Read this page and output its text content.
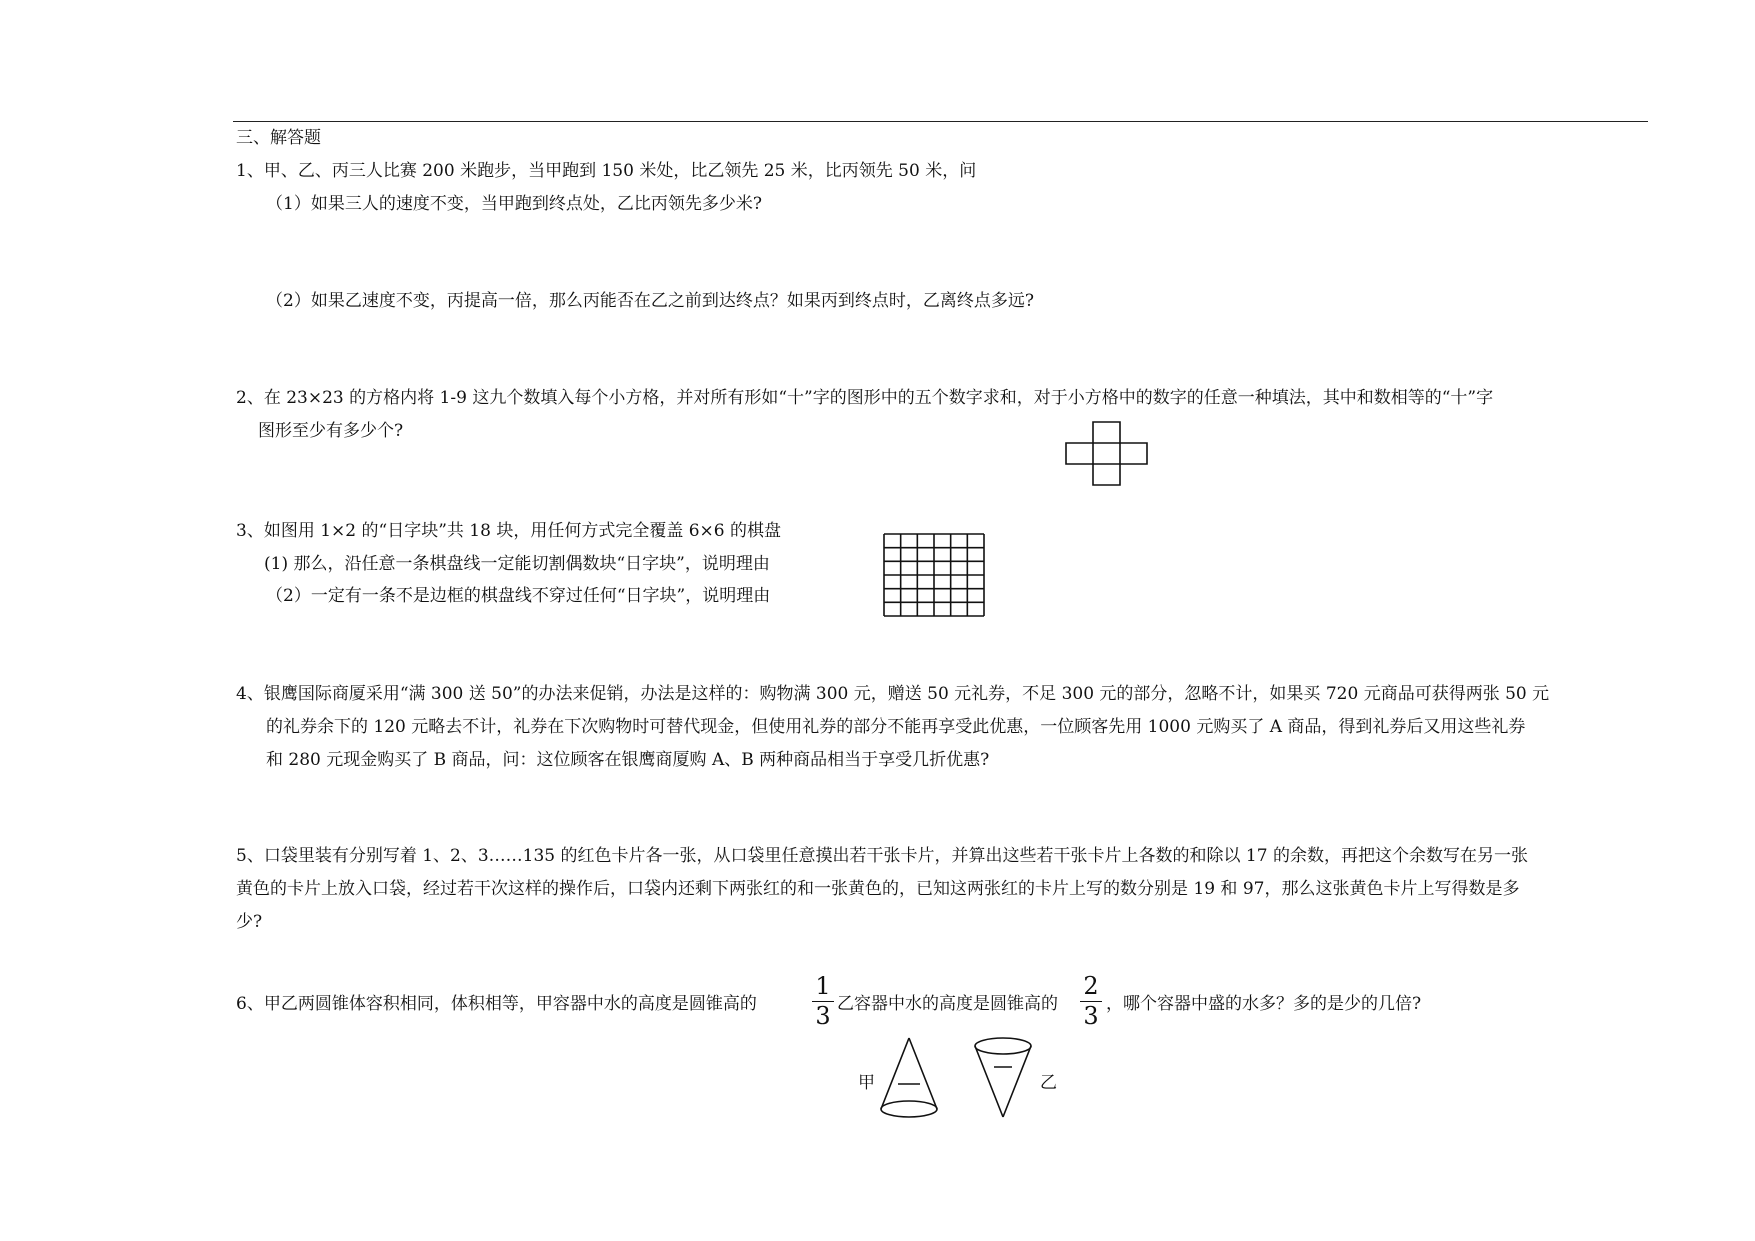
三、解答题
1、甲、乙、丙三人比赛 200 米跑步，当甲跑到 150 米处，比乙领先 25 米，比丙领先 50 米，问
（1）如果三人的速度不变，当甲跑到终点处，乙比丙领先多少米?
（2）如果乙速度不变，丙提高一倍，那么丙能否在乙之前到达终点？如果丙到终点时，乙离终点多远?
2、在 23×23 的方格内将 1-9 这九个数填入每个小方格，并对所有形如“十”字的图形中的五个数字求和，对于小方格中的数字的任意一种填法，其中和数相等的“十”字
图形至少有多少个?
3、如图用 1×2 的“日字块”共 18 块，用任何方式完全覆盖 6×6 的棋盘
(1) 那么，沿任意一条棋盘线一定能切割偶数块“日字块”，说明理由
（2）一定有一条不是边框的棋盘线不穿过任何“日字块”，说明理由
4、银鹰国际商厦采用“满 300 送 50”的办法来促销，办法是这样的：购物满 300 元，赠送 50 元礼券，不足 300 元的部分，忽略不计，如果买 720 元商品可获得两张 50 元
的礼券余下的 120 元略去不计，礼券在下次购物时可替代现金，但使用礼券的部分不能再享受此优惠，一位顾客先用 1000 元购买了 A 商品，得到礼券后又用这些礼券
和 280 元现金购买了 B 商品，问：这位顾客在银鹰商厦购 A、B 两种商品相当于享受几折优惠?
5、口袋里装有分别写着 1、2、3……135 的红色卡片各一张，从口袋里任意摸出若干张卡片，并算出这些若干张卡片上各数的和除以 17 的余数，再把这个余数写在另一张
黄色的卡片上放入口袋，经过若干次这样的操作后，口袋内还剩下两张红的和一张黄色的，已知这两张红的卡片上写的数分别是 19 和 97，那么这张黄色卡片上写得数是多
少?
6、甲乙两圆锥体容积相同，体积相等，甲容器中水的高度是圆锥高的
1
3 乙容器中水的高度是圆锥高的
2
3 ，哪个容器中盛的水多？多的是少的几倍?
甲	乙
